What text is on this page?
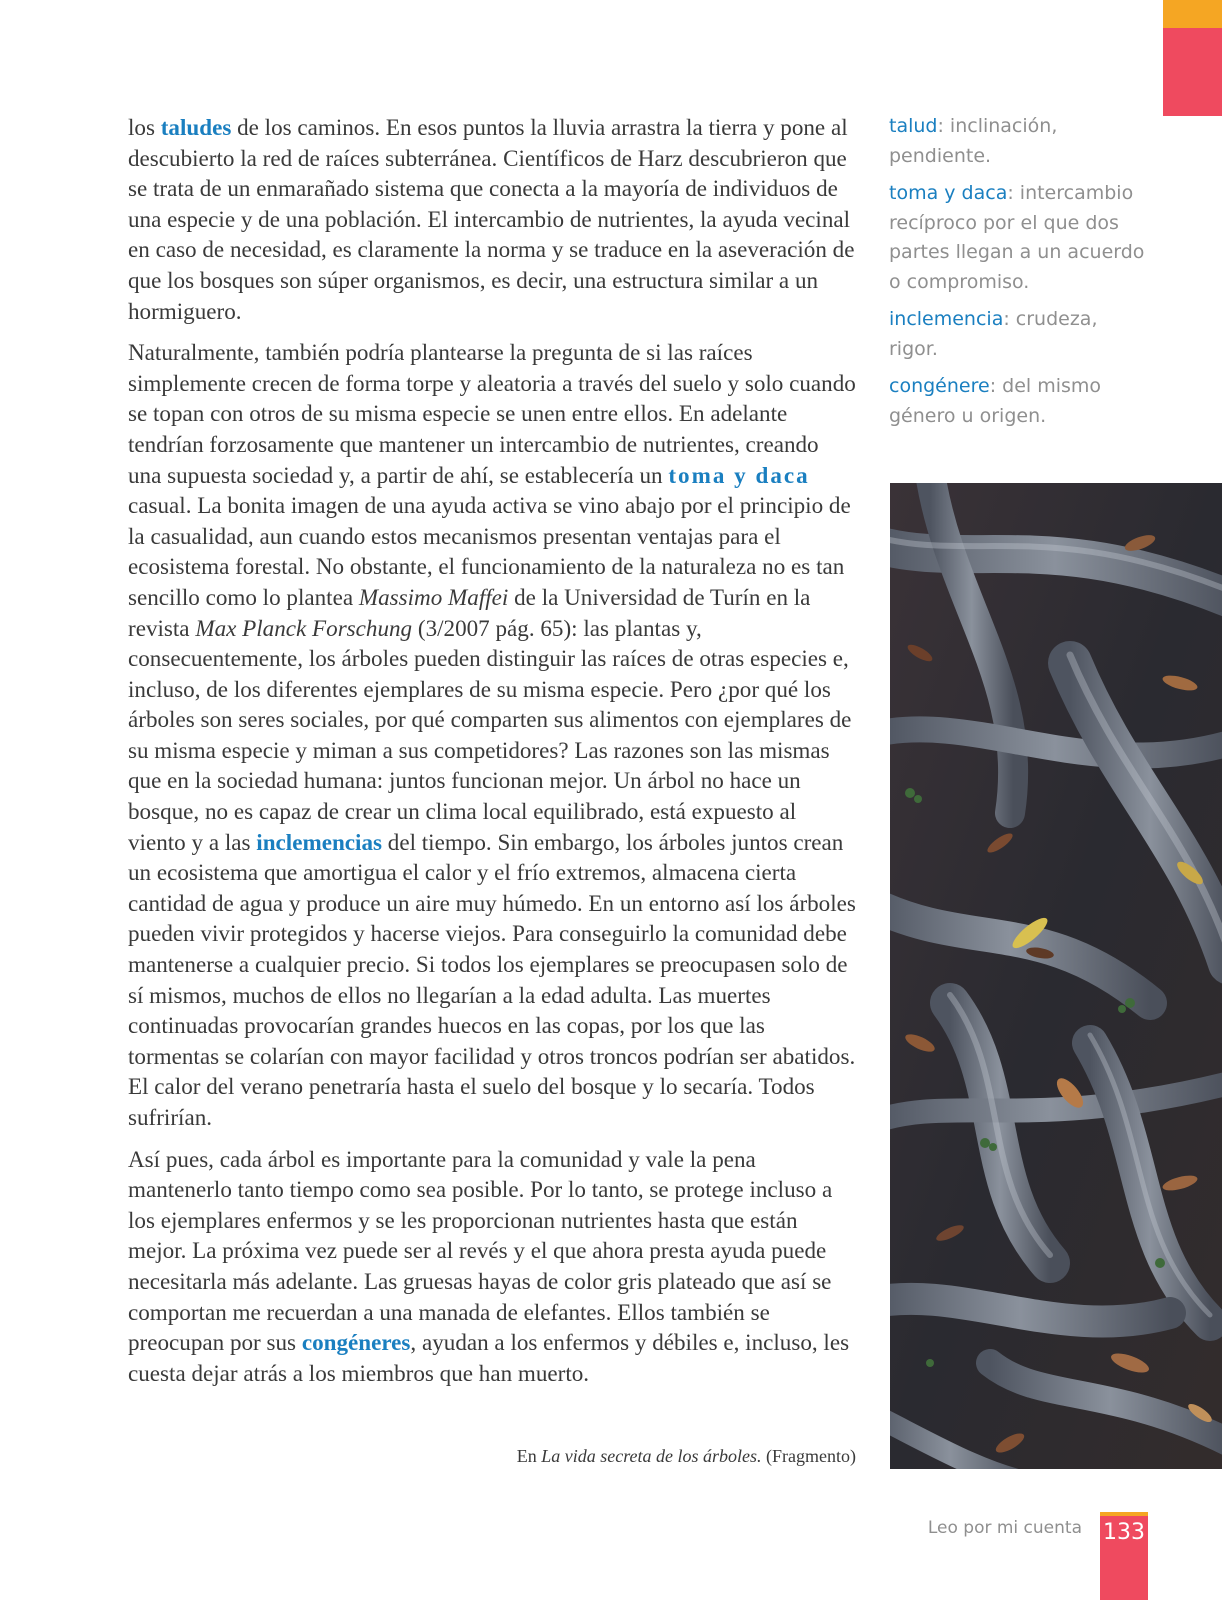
los taludes de los caminos. En esos puntos la lluvia arrastra la tierra y pone al descubierto la red de raíces subterránea. Científicos de Harz descubrieron que se trata de un enmarañado sistema que conecta a la mayoría de individuos de una especie y de una población. El intercambio de nutrientes, la ayuda vecinal en caso de necesidad, es claramente la norma y se traduce en la aseveración de que los bosques son súper organismos, es decir, una estructura similar a un hormiguero.

Naturalmente, también podría plantearse la pregunta de si las raíces simplemente crecen de forma torpe y aleatoria a través del suelo y solo cuando se topan con otros de su misma especie se unen entre ellos. En adelante tendrían forzosamente que mantener un intercambio de nutrientes, creando una supuesta sociedad y, a partir de ahí, se establecería un toma y daca casual. La bonita imagen de una ayuda activa se vino abajo por el principio de la casualidad, aun cuando estos mecanismos presentan ventajas para el ecosistema forestal. No obstante, el funcionamiento de la naturaleza no es tan sencillo como lo plantea Massimo Maffei de la Universidad de Turín en la revista Max Planck Forschung (3/2007 pág. 65): las plantas y, consecuentemente, los árboles pueden distinguir las raíces de otras especies e, incluso, de los diferentes ejemplares de su misma especie. Pero ¿por qué los árboles son seres sociales, por qué comparten sus alimentos con ejemplares de su misma especie y miman a sus competidores? Las razones son las mismas que en la sociedad humana: juntos funcionan mejor. Un árbol no hace un bosque, no es capaz de crear un clima local equilibrado, está expuesto al viento y a las inclemencias del tiempo. Sin embargo, los árboles juntos crean un ecosistema que amortigua el calor y el frío extremos, almacena cierta cantidad de agua y produce un aire muy húmedo. En un entorno así los árboles pueden vivir protegidos y hacerse viejos. Para conseguirlo la comunidad debe mantenerse a cualquier precio. Si todos los ejemplares se preocupasen solo de sí mismos, muchos de ellos no llegarían a la edad adulta. Las muertes continuadas provocarían grandes huecos en las copas, por los que las tormentas se colarían con mayor facilidad y otros troncos podrían ser abatidos. El calor del verano penetraría hasta el suelo del bosque y lo secaría. Todos sufrirían.

Así pues, cada árbol es importante para la comunidad y vale la pena mantenerlo tanto tiempo como sea posible. Por lo tanto, se protege incluso a los ejemplares enfermos y se les proporcionan nutrientes hasta que están mejor. La próxima vez puede ser al revés y el que ahora presta ayuda puede necesitarla más adelante. Las gruesas hayas de color gris plateado que así se comportan me recuerdan a una manada de elefantes. Ellos también se preocupan por sus congéneres, ayudan a los enfermos y débiles e, incluso, les cuesta dejar atrás a los miembros que han muerto.

En La vida secreta de los árboles. (Fragmento)
talud: inclinación, pendiente.
toma y daca: intercambio recíproco por el que dos partes llegan a un acuerdo o compromiso.
inclemencia: crudeza, rigor.
congénere: del mismo género u origen.
Leo por mi cuenta 133
